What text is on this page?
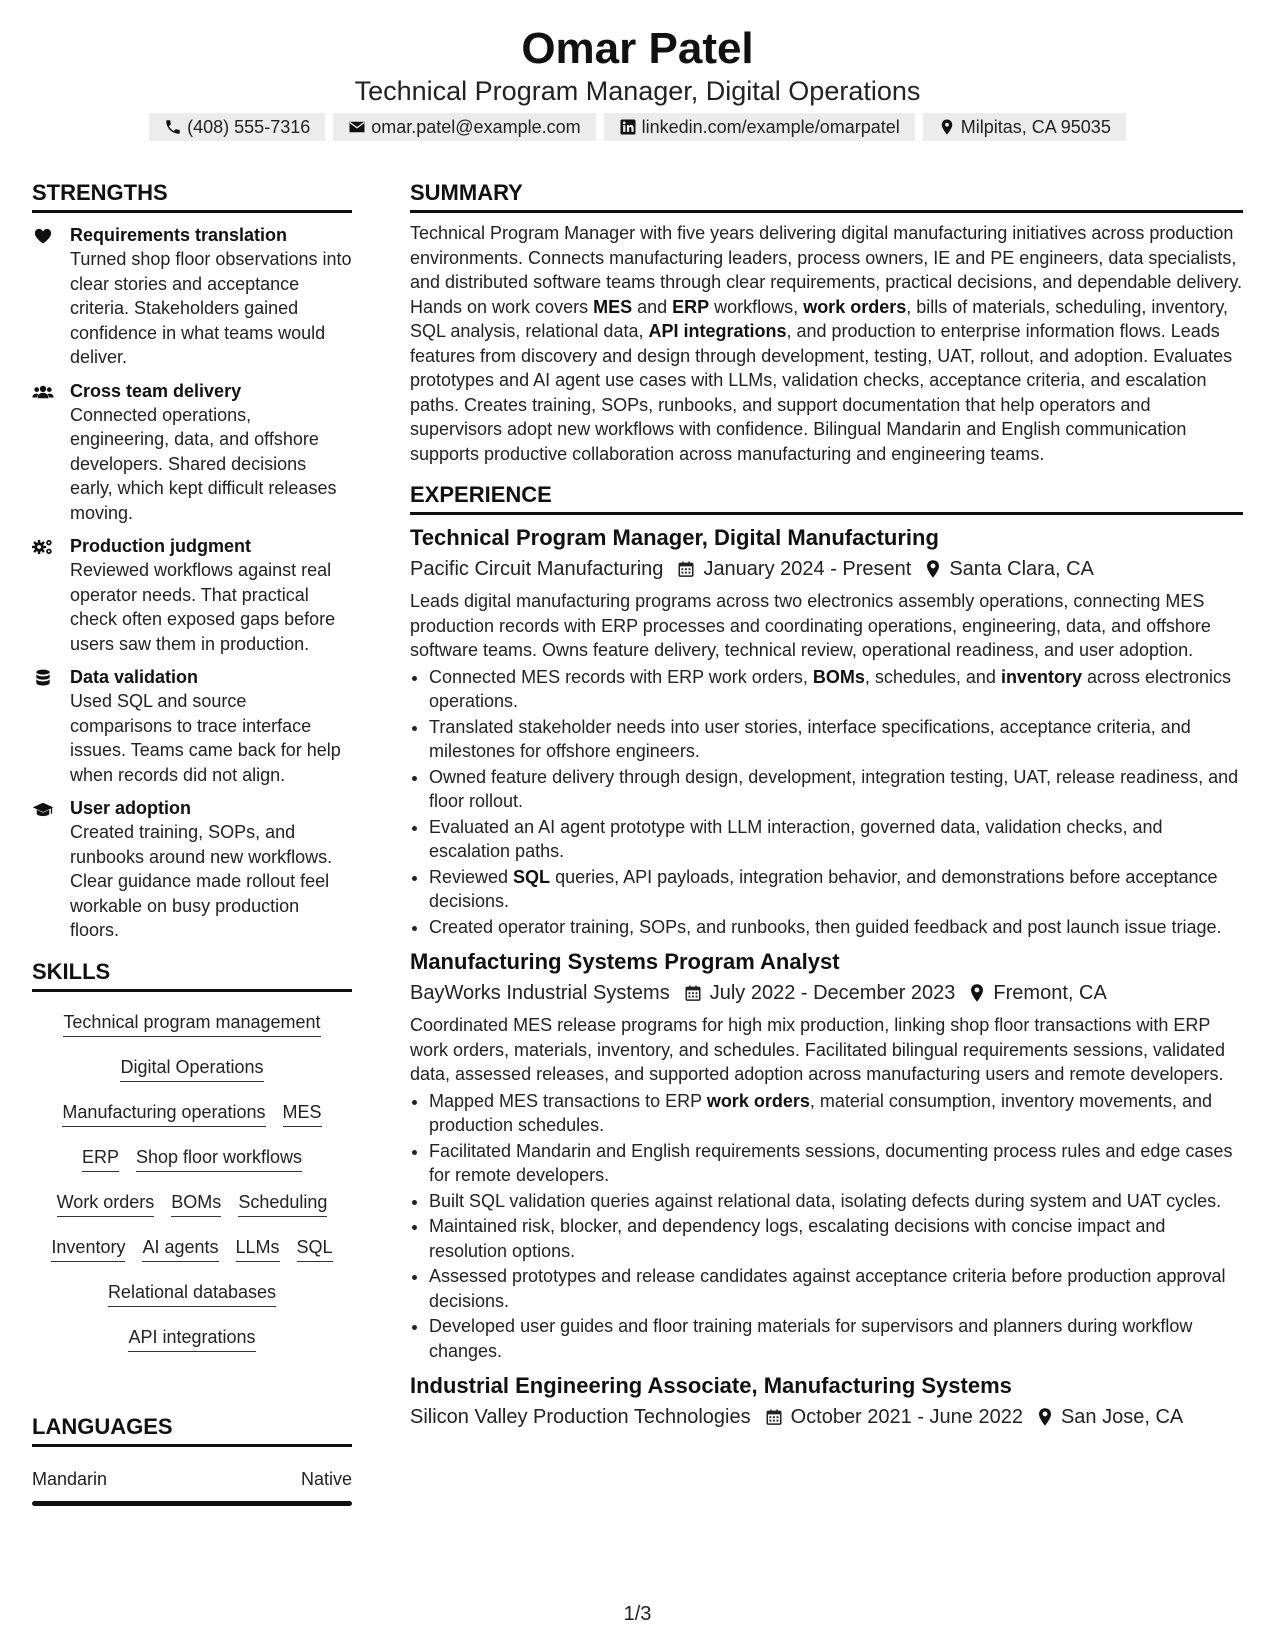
Omar Patel
Technical Program Manager, Digital Operations
(408) 555-7316	omar.patel@example.com	linkedin.com/example/omarpatel	Milpitas, CA 95035
STRENGTHS
Requirements translation
Turned shop floor observations into clear stories and acceptance criteria. Stakeholders gained confidence in what teams would deliver.
Cross team delivery
Connected operations, engineering, data, and offshore developers. Shared decisions early, which kept difficult releases moving.
Production judgment
Reviewed workflows against real operator needs. That practical check often exposed gaps before users saw them in production.
Data validation
Used SQL and source comparisons to trace interface issues. Teams came back for help when records did not align.
User adoption
Created training, SOPs, and runbooks around new workflows. Clear guidance made rollout feel workable on busy production floors.
SKILLS
Technical program management
Digital Operations
Manufacturing operations MES
ERP Shop floor workflows
Work orders BOMs Scheduling
Inventory AI agents LLMs SQL
Relational databases
API integrations
LANGUAGES
Mandarin	Native
SUMMARY
Technical Program Manager with five years delivering digital manufacturing initiatives across production environments. Connects manufacturing leaders, process owners, IE and PE engineers, data specialists, and distributed software teams through clear requirements, practical decisions, and dependable delivery. Hands on work covers MES and ERP workflows, work orders, bills of materials, scheduling, inventory, SQL analysis, relational data, API integrations, and production to enterprise information flows. Leads features from discovery and design through development, testing, UAT, rollout, and adoption. Evaluates prototypes and AI agent use cases with LLMs, validation checks, acceptance criteria, and escalation paths. Creates training, SOPs, runbooks, and support documentation that help operators and supervisors adopt new workflows with confidence. Bilingual Mandarin and English communication supports productive collaboration across manufacturing and engineering teams.
EXPERIENCE
Technical Program Manager, Digital Manufacturing
Pacific Circuit Manufacturing January 2024 - Present Santa Clara, CA
Leads digital manufacturing programs across two electronics assembly operations, connecting MES production records with ERP processes and coordinating operations, engineering, data, and offshore software teams. Owns feature delivery, technical review, operational readiness, and user adoption.
• Connected MES records with ERP work orders, BOMs, schedules, and inventory across electronics operations.
• Translated stakeholder needs into user stories, interface specifications, acceptance criteria, and milestones for offshore engineers.
• Owned feature delivery through design, development, integration testing, UAT, release readiness, and floor rollout.
• Evaluated an AI agent prototype with LLM interaction, governed data, validation checks, and escalation paths.
• Reviewed SQL queries, API payloads, integration behavior, and demonstrations before acceptance decisions.
• Created operator training, SOPs, and runbooks, then guided feedback and post launch issue triage.
Manufacturing Systems Program Analyst
BayWorks Industrial Systems July 2022 - December 2023 Fremont, CA
Coordinated MES release programs for high mix production, linking shop floor transactions with ERP work orders, materials, inventory, and schedules. Facilitated bilingual requirements sessions, validated data, assessed releases, and supported adoption across manufacturing users and remote developers.
• Mapped MES transactions to ERP work orders, material consumption, inventory movements, and production schedules.
• Facilitated Mandarin and English requirements sessions, documenting process rules and edge cases for remote developers.
• Built SQL validation queries against relational data, isolating defects during system and UAT cycles.
• Maintained risk, blocker, and dependency logs, escalating decisions with concise impact and resolution options.
• Assessed prototypes and release candidates against acceptance criteria before production approval decisions.
• Developed user guides and floor training materials for supervisors and planners during workflow changes.
Industrial Engineering Associate, Manufacturing Systems
Silicon Valley Production Technologies October 2021 - June 2022 San Jose, CA
1/3
